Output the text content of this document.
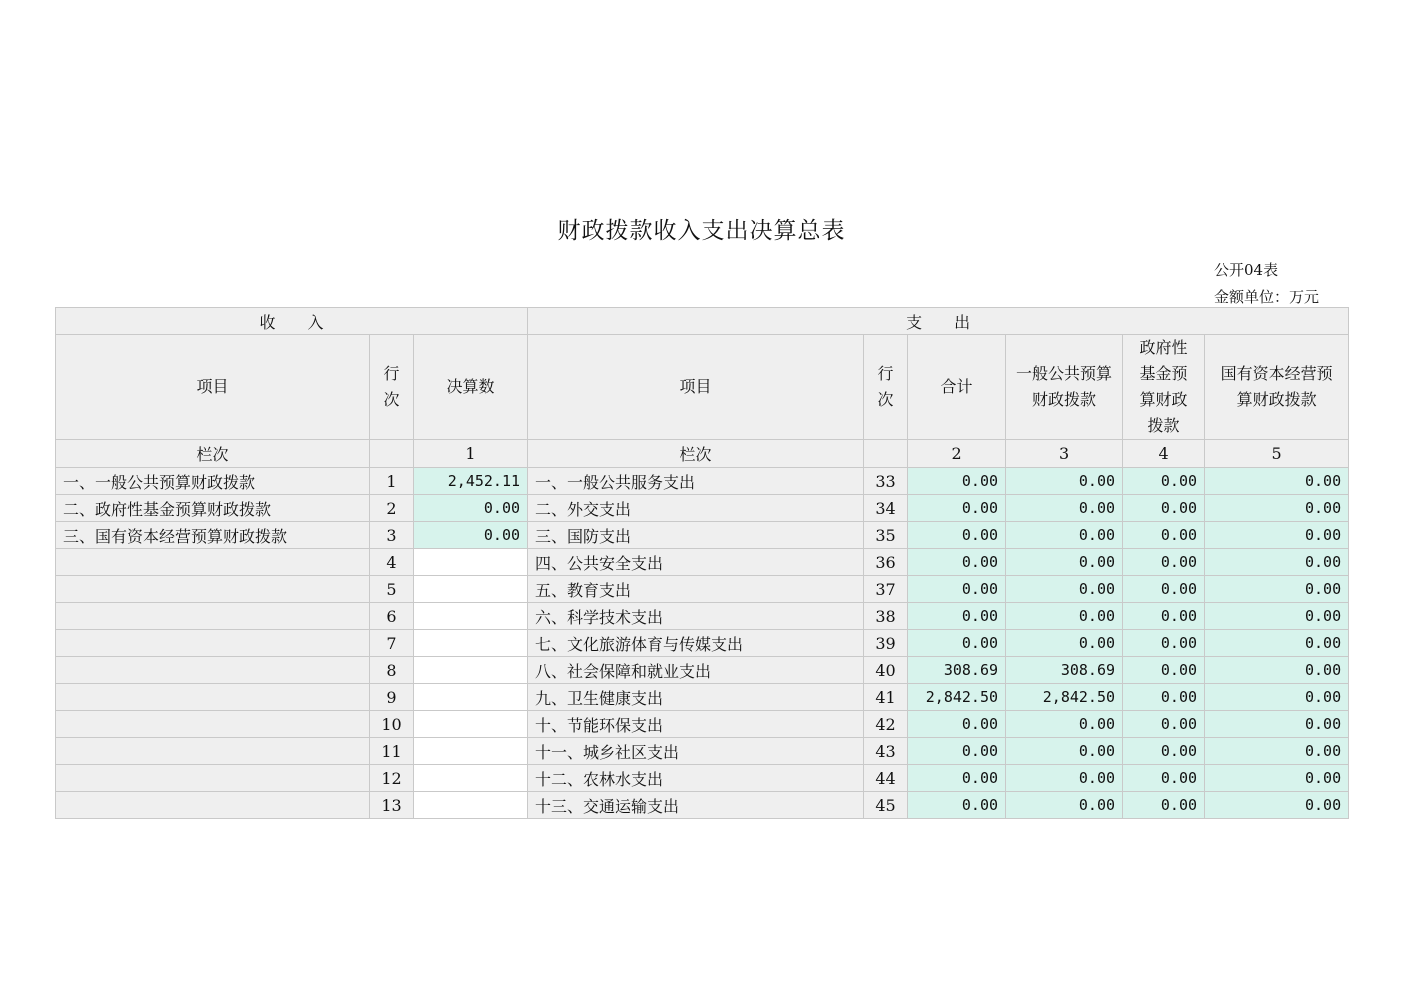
财政拨款收入支出决算总表
公开04表
金额单位：万元
收　　入			支　　出					
项目	行次	决算数	项目	行次	合计	一般公共预算财政拨款	政府性基金预算财政拨款	国有资本经营预算财政拨款
栏次		1	栏次		2	3	4	5
一、一般公共预算财政拨款	1	2,452.11	一、一般公共服务支出	33	0.00	0.00	0.00	0.00
二、政府性基金预算财政拨款	2	0.00	二、外交支出	34	0.00	0.00	0.00	0.00
三、国有资本经营预算财政拨款	3	0.00	三、国防支出	35	0.00	0.00	0.00	0.00
	4		四、公共安全支出	36	0.00	0.00	0.00	0.00
	5		五、教育支出	37	0.00	0.00	0.00	0.00
	6		六、科学技术支出	38	0.00	0.00	0.00	0.00
	7		七、文化旅游体育与传媒支出	39	0.00	0.00	0.00	0.00
	8		八、社会保障和就业支出	40	308.69	308.69	0.00	0.00
	9		九、卫生健康支出	41	2,842.50	2,842.50	0.00	0.00
	10		十、节能环保支出	42	0.00	0.00	0.00	0.00
	11		十一、城乡社区支出	43	0.00	0.00	0.00	0.00
	12		十二、农林水支出	44	0.00	0.00	0.00	0.00
	13		十三、交通运输支出	45	0.00	0.00	0.00	0.00
